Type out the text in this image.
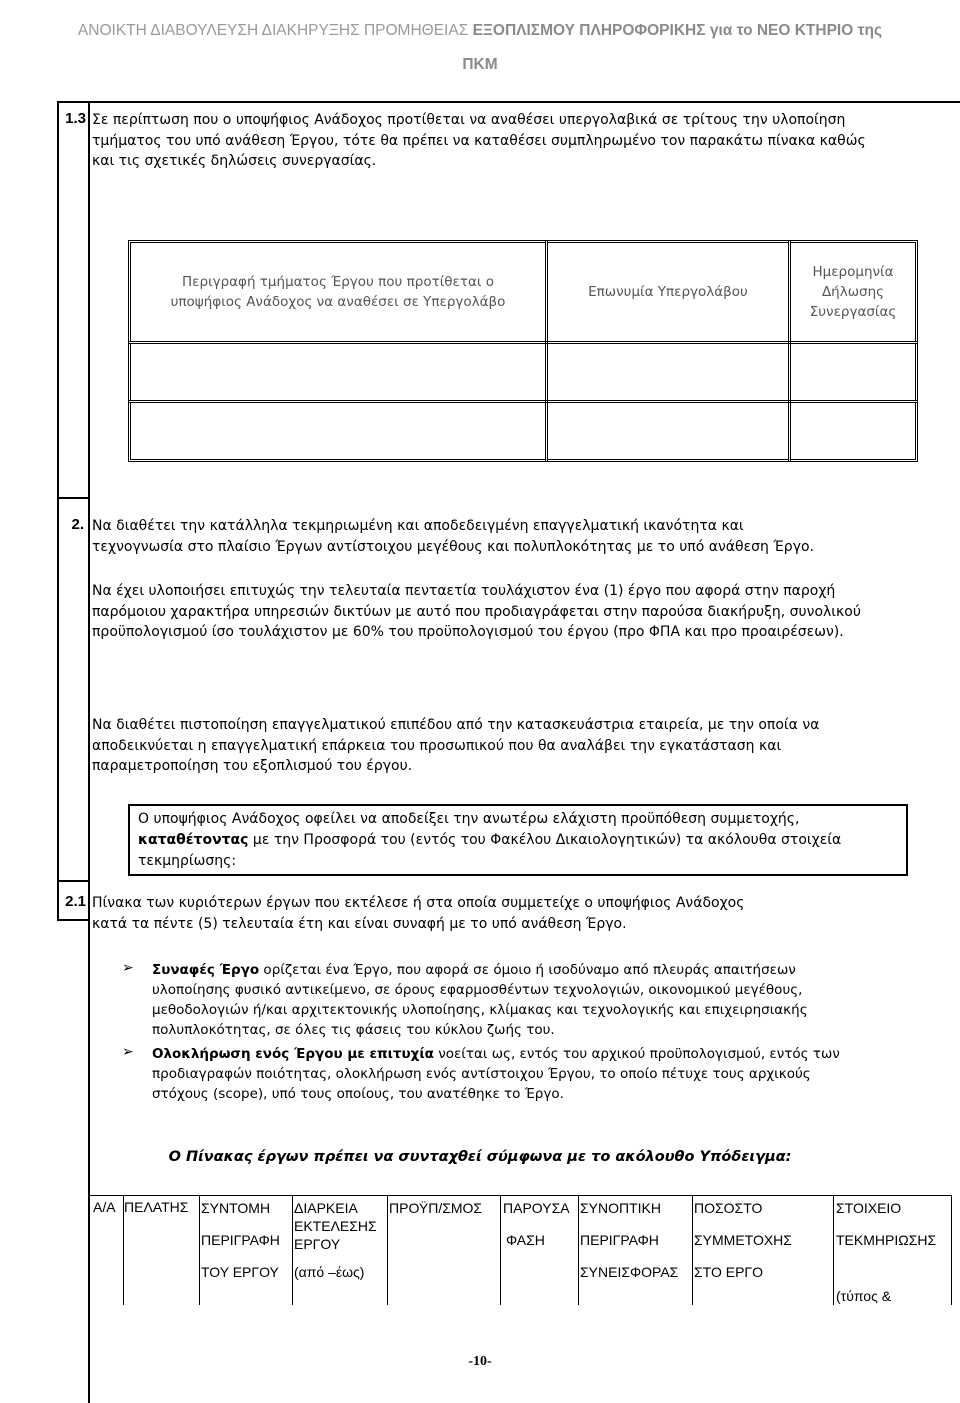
ΑΝΟΙΚΤΗ ΔΙΑΒΟΥΛΕΥΣΗ ΔΙΑΚΗΡΥΞΗΣ ΠΡΟΜΗΘΕΙΑΣ ΕΞΟΠΛΙΣΜΟΥ ΠΛΗΡΟΦΟΡΙΚΗΣ για το ΝΕΟ ΚΤΗΡΙΟ της
ΠΚΜ
1.3 Σε περίπτωση που ο υποψήφιος Ανάδοχος προτίθεται να αναθέσει υπεργολαβικά σε τρίτους την υλοποίηση
τμήματος του υπό ανάθεση Έργου, τότε θα πρέπει να καταθέσει συμπληρωμένο τον παρακάτω πίνακα καθώς
και τις σχετικές δηλώσεις συνεργασίας.
Περιγραφή τμήματος Έργου που προτίθεται ο υποψήφιος Ανάδοχος να αναθέσει σε Υπεργολάβο
Επωνυμία Υπεργολάβου
Ημερομηνία Δήλωσης Συνεργασίας
2. Να διαθέτει την κατάλληλα τεκμηριωμένη και αποδεδειγμένη επαγγελματική ικανότητα και
τεχνογνωσία στο πλαίσιο Έργων αντίστοιχου μεγέθους και πολυπλοκότητας με το υπό ανάθεση Έργο.
Να έχει υλοποιήσει επιτυχώς την τελευταία πενταετία τουλάχιστον ένα (1) έργο που αφορά στην παροχή
παρόμοιου χαρακτήρα υπηρεσιών δικτύων με αυτό που προδιαγράφεται στην παρούσα διακήρυξη, συνολικού
προϋπολογισμού ίσο τουλάχιστον με 60% του προϋπολογισμού του έργου (προ ΦΠΑ και προ προαιρέσεων).
Να διαθέτει πιστοποίηση επαγγελματικού επιπέδου από την κατασκευάστρια εταιρεία, με την οποία να
αποδεικνύεται η επαγγελματική επάρκεια του προσωπικού που θα αναλάβει την εγκατάσταση και
παραμετροποίηση του εξοπλισμού του έργου.
Ο υποψήφιος Ανάδοχος οφείλει να αποδείξει την ανωτέρω ελάχιστη προϋπόθεση συμμετοχής,
καταθέτοντας με την Προσφορά του (εντός του Φακέλου Δικαιολογητικών) τα ακόλουθα στοιχεία
τεκμηρίωσης:
2.1 Πίνακα των κυριότερων έργων που εκτέλεσε ή στα οποία συμμετείχε ο υποψήφιος Ανάδοχος
κατά τα πέντε (5) τελευταία έτη και είναι συναφή με το υπό ανάθεση Έργο.
➢ Συναφές Έργο ορίζεται ένα Έργο, που αφορά σε όμοιο ή ισοδύναμο από πλευράς απαιτήσεων
υλοποίησης φυσικό αντικείμενο, σε όρους εφαρμοσθέντων τεχνολογιών, οικονομικού μεγέθους,
μεθοδολογιών ή/και αρχιτεκτονικής υλοποίησης, κλίμακας και τεχνολογικής και επιχειρησιακής
πολυπλοκότητας, σε όλες τις φάσεις του κύκλου ζωής του.
➢ Ολοκλήρωση ενός Έργου με επιτυχία νοείται ως, εντός του αρχικού προϋπολογισμού, εντός των
προδιαγραφών ποιότητας, ολοκλήρωση ενός αντίστοιχου Έργου, το οποίο πέτυχε τους αρχικούς
στόχους (scope), υπό τους οποίους, του ανατέθηκε το Έργο.
Ο Πίνακας έργων πρέπει να συνταχθεί σύμφωνα με το ακόλουθο Υπόδειγμα:
Α/Α ΠΕΛΑΤΗΣ ΣΥΝΤΟΜΗ
ΠΕΡΙΓΡΑΦΗ
ΤΟΥ ΕΡΓΟΥ
ΔΙΑΡΚΕΙΑ
ΕΚΤΕΛΕΣΗΣ
ΕΡΓΟΥ
(από –έως)
ΠΡΟΫΠ/ΣΜΟΣ ΠΑΡΟΥΣΑ
ΦΑΣΗ
ΣΥΝΟΠΤΙΚΗ
ΠΕΡΙΓΡΑΦΗ
ΣΥΝΕΙΣΦΟΡΑΣ
ΠΟΣΟΣΤΟ
ΣΥΜΜΕΤΟΧΗΣ
ΣΤΟ ΕΡΓΟ
ΣΤΟΙΧΕΙΟ
ΤΕΚΜΗΡΙΩΣΗΣ
(τύπος &
-10-
